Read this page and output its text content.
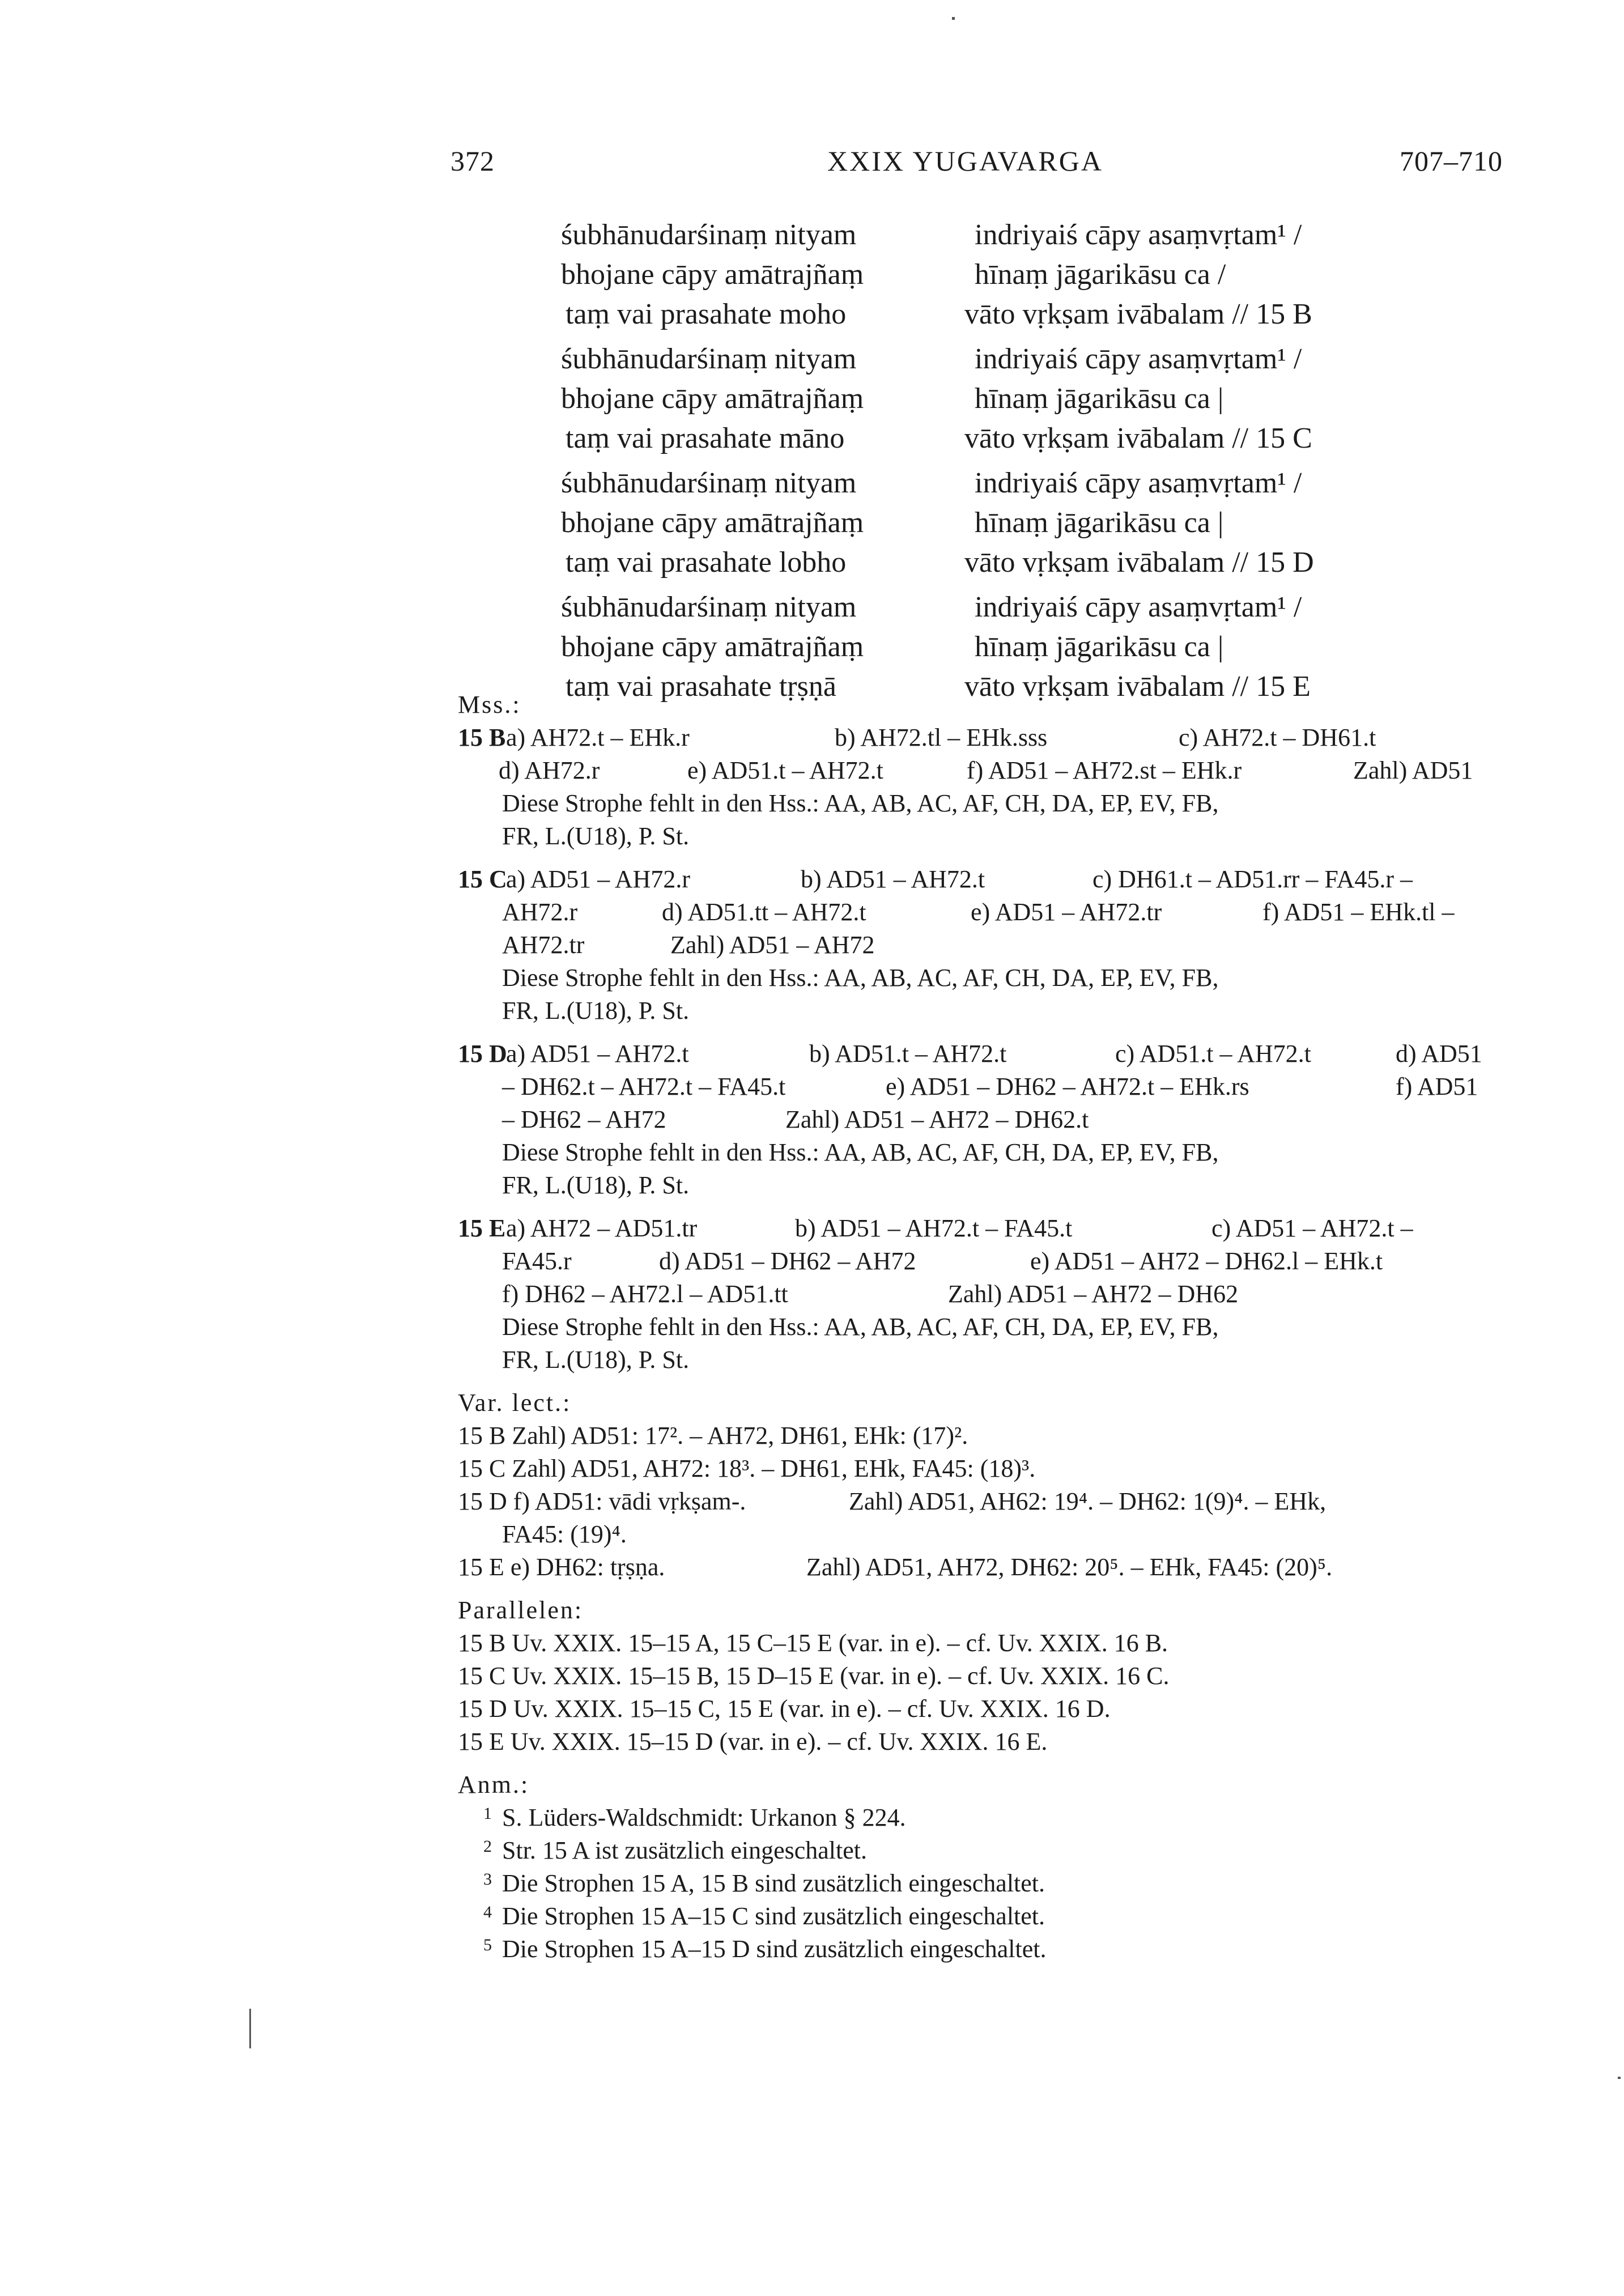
372	XXIX YUGAVARGA	707–710
śubhānudarśinaṃ nityam	indriyaiś cāpy asaṃvṛtam¹ /
bhojane cāpy amātrajñaṃ	hīnaṃ jāgarikāsu ca /
taṃ vai prasahate moho	vāto vṛkṣam ivābalam // 15 B
śubhānudarśinaṃ nityam	indriyaiś cāpy asaṃvṛtam¹ /
bhojane cāpy amātrajñaṃ	hīnaṃ jāgarikāsu ca |
taṃ vai prasahate māno	vāto vṛkṣam ivābalam // 15 C
śubhānudarśinaṃ nityam	indriyaiś cāpy asaṃvṛtam¹ /
bhojane cāpy amātrajñaṃ	hīnaṃ jāgarikāsu ca |
taṃ vai prasahate lobho	vāto vṛkṣam ivābalam // 15 D
śubhānudarśinaṃ nityam	indriyaiś cāpy asaṃvṛtam¹ /
bhojane cāpy amātrajñaṃ	hīnaṃ jāgarikāsu ca |
taṃ vai prasahate tṛṣṇā	vāto vṛkṣam ivābalam // 15 E
Mss.:
15 B a) AH72.t – EHk.r	b) AH72.tl – EHk.sss	c) AH72.t – DH61.t
d) AH72.r	e) AD51.t – AH72.t	f) AD51 – AH72.st – EHk.r	Zahl) AD51
Diese Strophe fehlt in den Hss.: AA, AB, AC, AF, CH, DA, EP, EV, FB,
FR, L.(U18), P. St.
15 C
a) AD51 – AH72.r	b) AD51 – AH72.t	c) DH61.t – AD51.rr – FA45.r –
AH72.r	d) AD51.tt – AH72.t	e) AD51 – AH72.tr	f) AD51 – EHk.tl –
AH72.tr	Zahl) AD51 – AH72
Diese Strophe fehlt in den Hss.: AA, AB, AC, AF, CH, DA, EP, EV, FB,
FR, L.(U18), P. St.
15 D
a) AD51 – AH72.t	b) AD51.t – AH72.t	c) AD51.t – AH72.t	d) AD51
– DH62.t – AH72.t – FA45.t	e) AD51 – DH62 – AH72.t – EHk.rs	f) AD51
– DH62 – AH72	Zahl) AD51 – AH72 – DH62.t
Diese Strophe fehlt in den Hss.: AA, AB, AC, AF, CH, DA, EP, EV, FB,
FR, L.(U18), P. St.
15 E a) AH72 – AD51.tr	b) AD51 – AH72.t – FA45.t	c) AD51 – AH72.t –
FA45.r	d) AD51 – DH62 – AH72	e) AD51 – AH72 – DH62.l – EHk.t
f) DH62 – AH72.l – AD51.tt	Zahl) AD51 – AH72 – DH62
Diese Strophe fehlt in den Hss.: AA, AB, AC, AF, CH, DA, EP, EV, FB,
FR, L.(U18), P. St.
Var. lect.:
15 B Zahl) AD51: 17². – AH72, DH61, EHk: (17)².
15 C Zahl) AD51, AH72: 18³. – DH61, EHk, FA45: (18)³.
15 D f) AD51: vādi vṛkṣam-.	Zahl) AD51, AH62: 19⁴. – DH62: 1(9)⁴. – EHk,
FA45: (19)⁴.
15 E e) DH62: tṛṣṇa.	Zahl) AD51, AH72, DH62: 20⁵. – EHk, FA45: (20)⁵.
Parallelen:
15 B Uv. XXIX. 15–15 A, 15 C–15 E (var. in e). – cf. Uv. XXIX. 16 B.
15 C Uv. XXIX. 15–15 B, 15 D–15 E (var. in e). – cf. Uv. XXIX. 16 C.
15 D Uv. XXIX. 15–15 C, 15 E (var. in e). – cf. Uv. XXIX. 16 D.
15 E Uv. XXIX. 15–15 D (var. in e). – cf. Uv. XXIX. 16 E.
Anm.:
$^1$ S. Lüders-Waldschmidt: Urkanon § 224.
$^2$ Str. 15 A ist zusätzlich eingeschaltet.
$^3$ Die Strophen 15 A, 15 B sind zusätzlich eingeschaltet.
$^4$ Die Strophen 15 A–15 C sind zusätzlich eingeschaltet.
$^5$ Die Strophen 15 A–15 D sind zusätzlich eingeschaltet.
